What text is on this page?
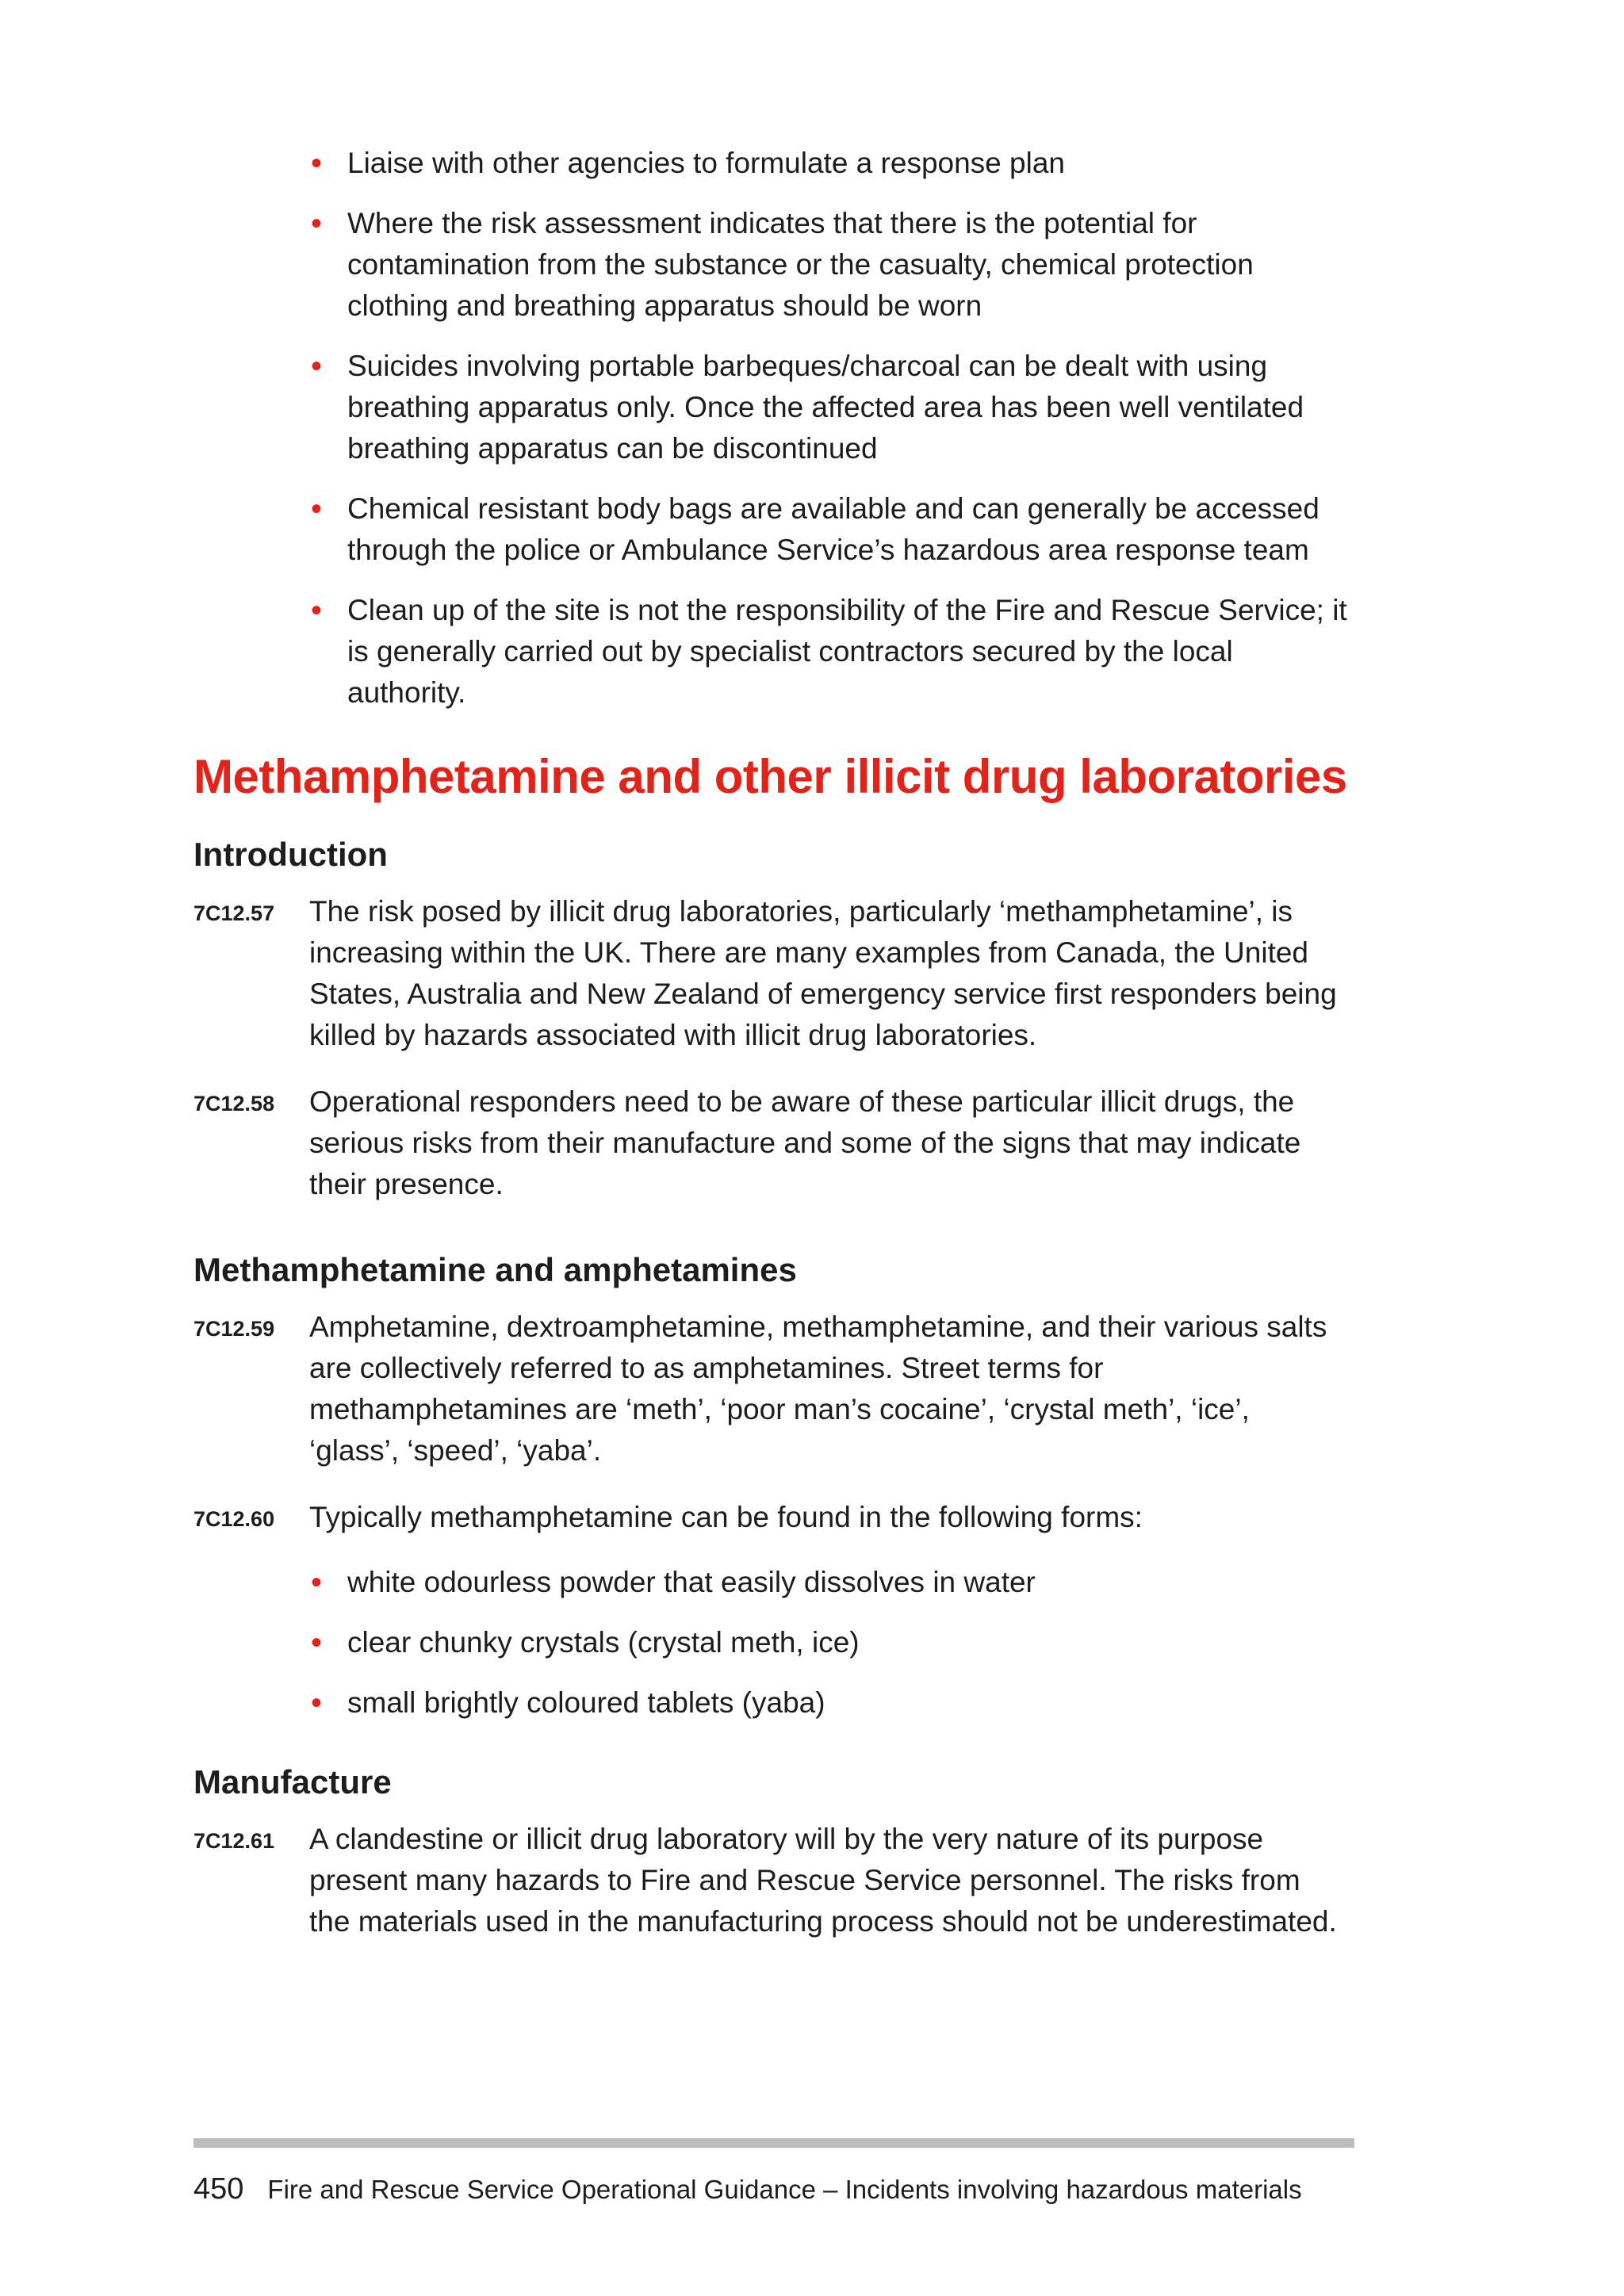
• Liaise with other agencies to formulate a response plan
• Where the risk assessment indicates that there is the potential for contamination from the substance or the casualty, chemical protection clothing and breathing apparatus should be worn
• Suicides involving portable barbeques/charcoal can be dealt with using breathing apparatus only. Once the affected area has been well ventilated breathing apparatus can be discontinued
• Chemical resistant body bags are available and can generally be accessed through the police or Ambulance Service’s hazardous area response team
• Clean up of the site is not the responsibility of the Fire and Rescue Service; it is generally carried out by specialist contractors secured by the local authority.
Methamphetamine and other illicit drug laboratories
Introduction
7C12.57	The risk posed by illicit drug laboratories, particularly ‘methamphetamine’, is increasing within the UK. There are many examples from Canada, the United States, Australia and New Zealand of emergency service first responders being killed by hazards associated with illicit drug laboratories.
7C12.58	Operational responders need to be aware of these particular illicit drugs, the serious risks from their manufacture and some of the signs that may indicate their presence.
Methamphetamine and amphetamines
7C12.59	Amphetamine, dextroamphetamine, methamphetamine, and their various salts are collectively referred to as amphetamines. Street terms for methamphetamines are ‘meth’, ‘poor man’s cocaine’, ‘crystal meth’, ‘ice’, ‘glass’, ‘speed’, ‘yaba’.
7C12.60	Typically methamphetamine can be found in the following forms:
• white odourless powder that easily dissolves in water
• clear chunky crystals (crystal meth, ice)
• small brightly coloured tablets (yaba)
Manufacture
7C12.61	A clandestine or illicit drug laboratory will by the very nature of its purpose present many hazards to Fire and Rescue Service personnel. The risks from the materials used in the manufacturing process should not be underestimated.
450 Fire and Rescue Service Operational Guidance – Incidents involving hazardous materials
